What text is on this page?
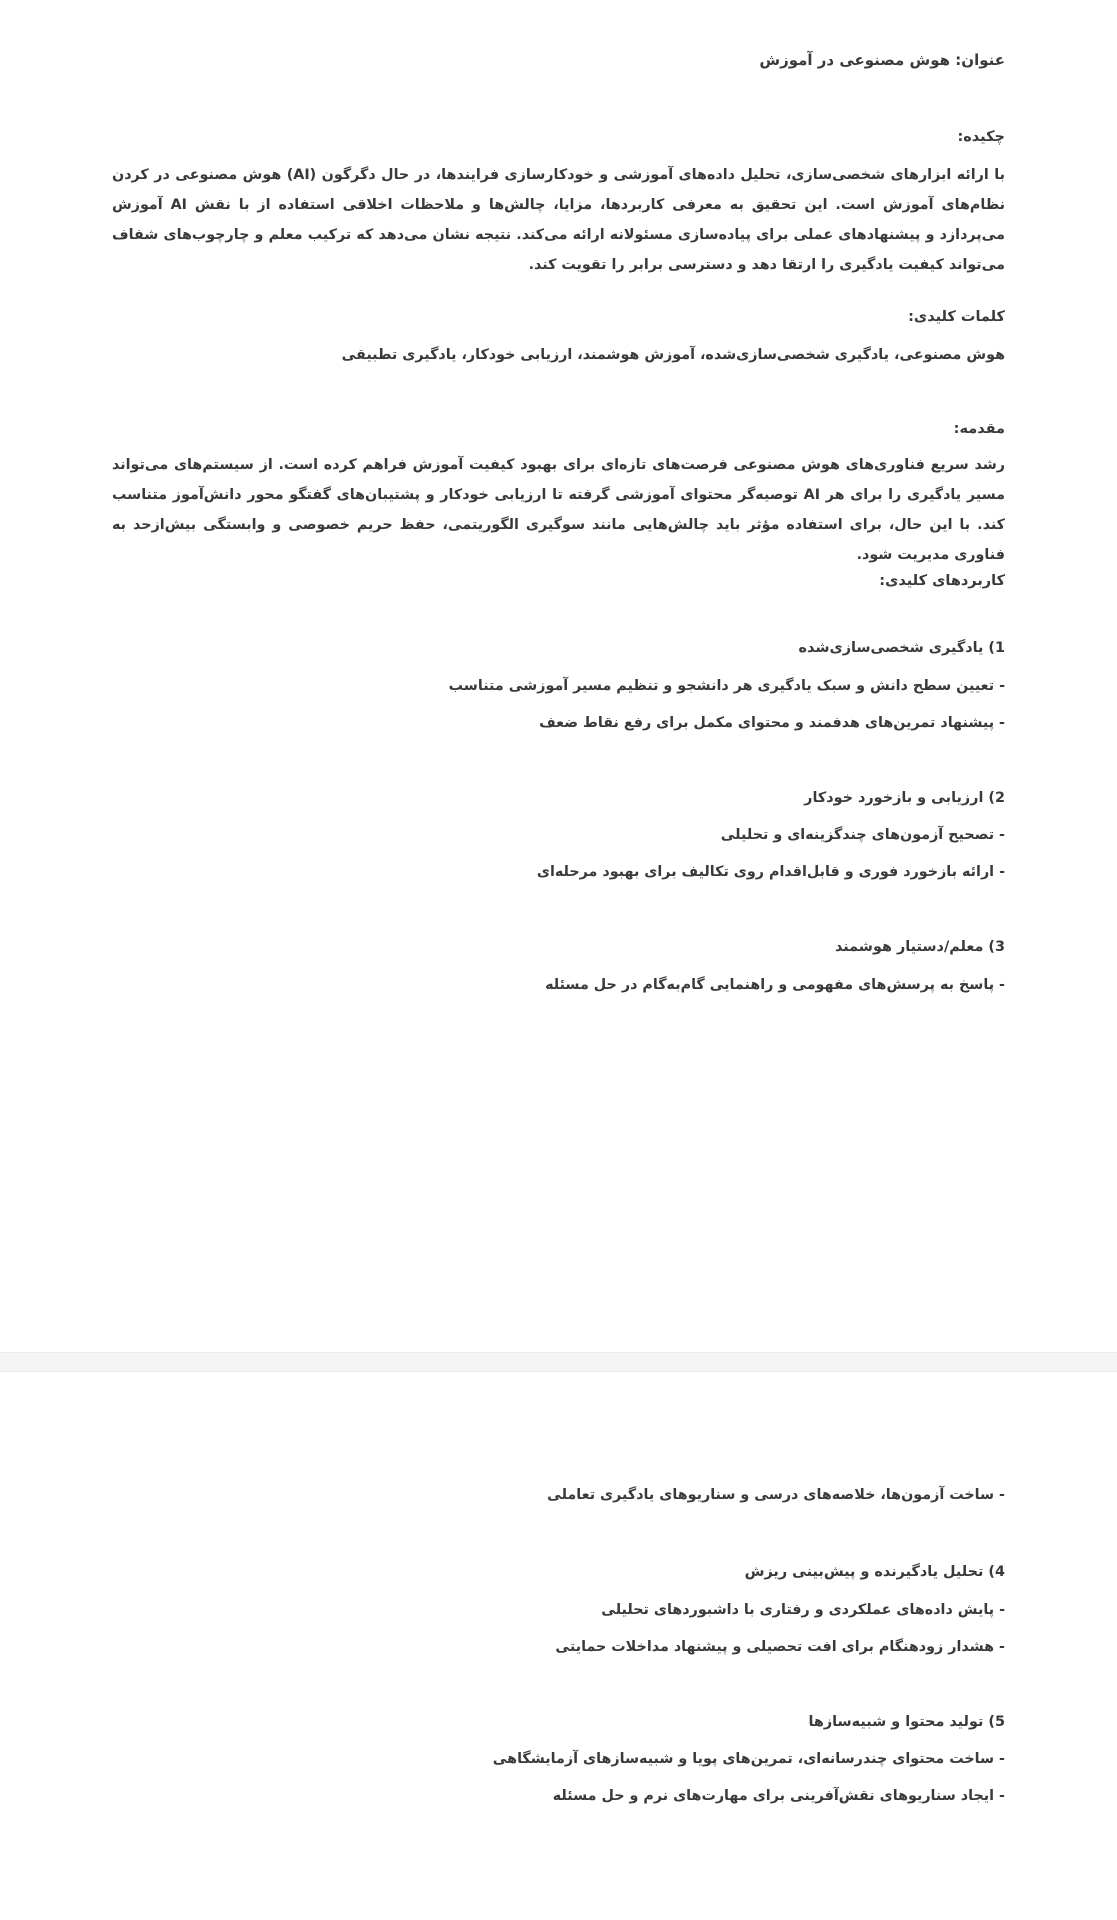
عنوان: هوش مصنوعی در آموزش
چکیده:
با ارائه ابزارهای شخصی‌سازی، تحلیل داده‌های آموزشی و خودکارسازی فرایندها، در حال دگرگون (AI) هوش مصنوعی در کردن نظام‌های آموزش است. این تحقیق به معرفی کاربردها، مزایا، چالش‌ها و ملاحظات اخلاقی استفاده از با نقش AI آموزش می‌پردازد و پیشنهادهای عملی برای پیاده‌سازی مسئولانه ارائه می‌کند. نتیجه نشان می‌دهد که ترکیب معلم و چارچوب‌های شفاف می‌تواند کیفیت یادگیری را ارتقا دهد و دسترسی برابر را تقویت کند.
کلمات کلیدی:
هوش مصنوعی، یادگیری شخصی‌سازی‌شده، آموزش هوشمند، ارزیابی خودکار، یادگیری تطبیقی
مقدمه:
رشد سریع فناوری‌های هوش مصنوعی فرصت‌های تازه‌ای برای بهبود کیفیت آموزش فراهم کرده است. از سیستم‌های می‌تواند مسیر یادگیری را برای هر AI توصیه‌گر محتوای آموزشی گرفته تا ارزیابی خودکار و پشتیبان‌های گفتگو محور دانش‌آموز متناسب کند. با این حال، برای استفاده مؤثر باید چالش‌هایی مانند سوگیری الگوریتمی، حفظ حریم خصوصی و وابستگی بیش‌ازحد به فناوری مدیریت شود.
کاربردهای کلیدی:
1) یادگیری شخصی‌سازی‌شده
- تعیین سطح دانش و سبک یادگیری هر دانشجو و تنظیم مسیر آموزشی متناسب
- پیشنهاد تمرین‌های هدفمند و محتوای مکمل برای رفع نقاط ضعف
2) ارزیابی و بازخورد خودکار
- تصحیح آزمون‌های چندگزینه‌ای و تحلیلی
- ارائه بازخورد فوری و قابل‌اقدام روی تکالیف برای بهبود مرحله‌ای
3) معلم/دستیار هوشمند
- پاسخ به پرسش‌های مفهومی و راهنمایی گام‌به‌گام در حل مسئله
- ساخت آزمون‌ها، خلاصه‌های درسی و سناریوهای یادگیری تعاملی
4) تحلیل یادگیرنده و پیش‌بینی ریزش
- پایش داده‌های عملکردی و رفتاری با داشبوردهای تحلیلی
- هشدار زودهنگام برای افت تحصیلی و پیشنهاد مداخلات حمایتی
5) تولید محتوا و شبیه‌سازها
- ساخت محتوای چندرسانه‌ای، تمرین‌های پویا و شبیه‌سازهای آزمایشگاهی
- ایجاد سناریوهای نقش‌آفرینی برای مهارت‌های نرم و حل مسئله
